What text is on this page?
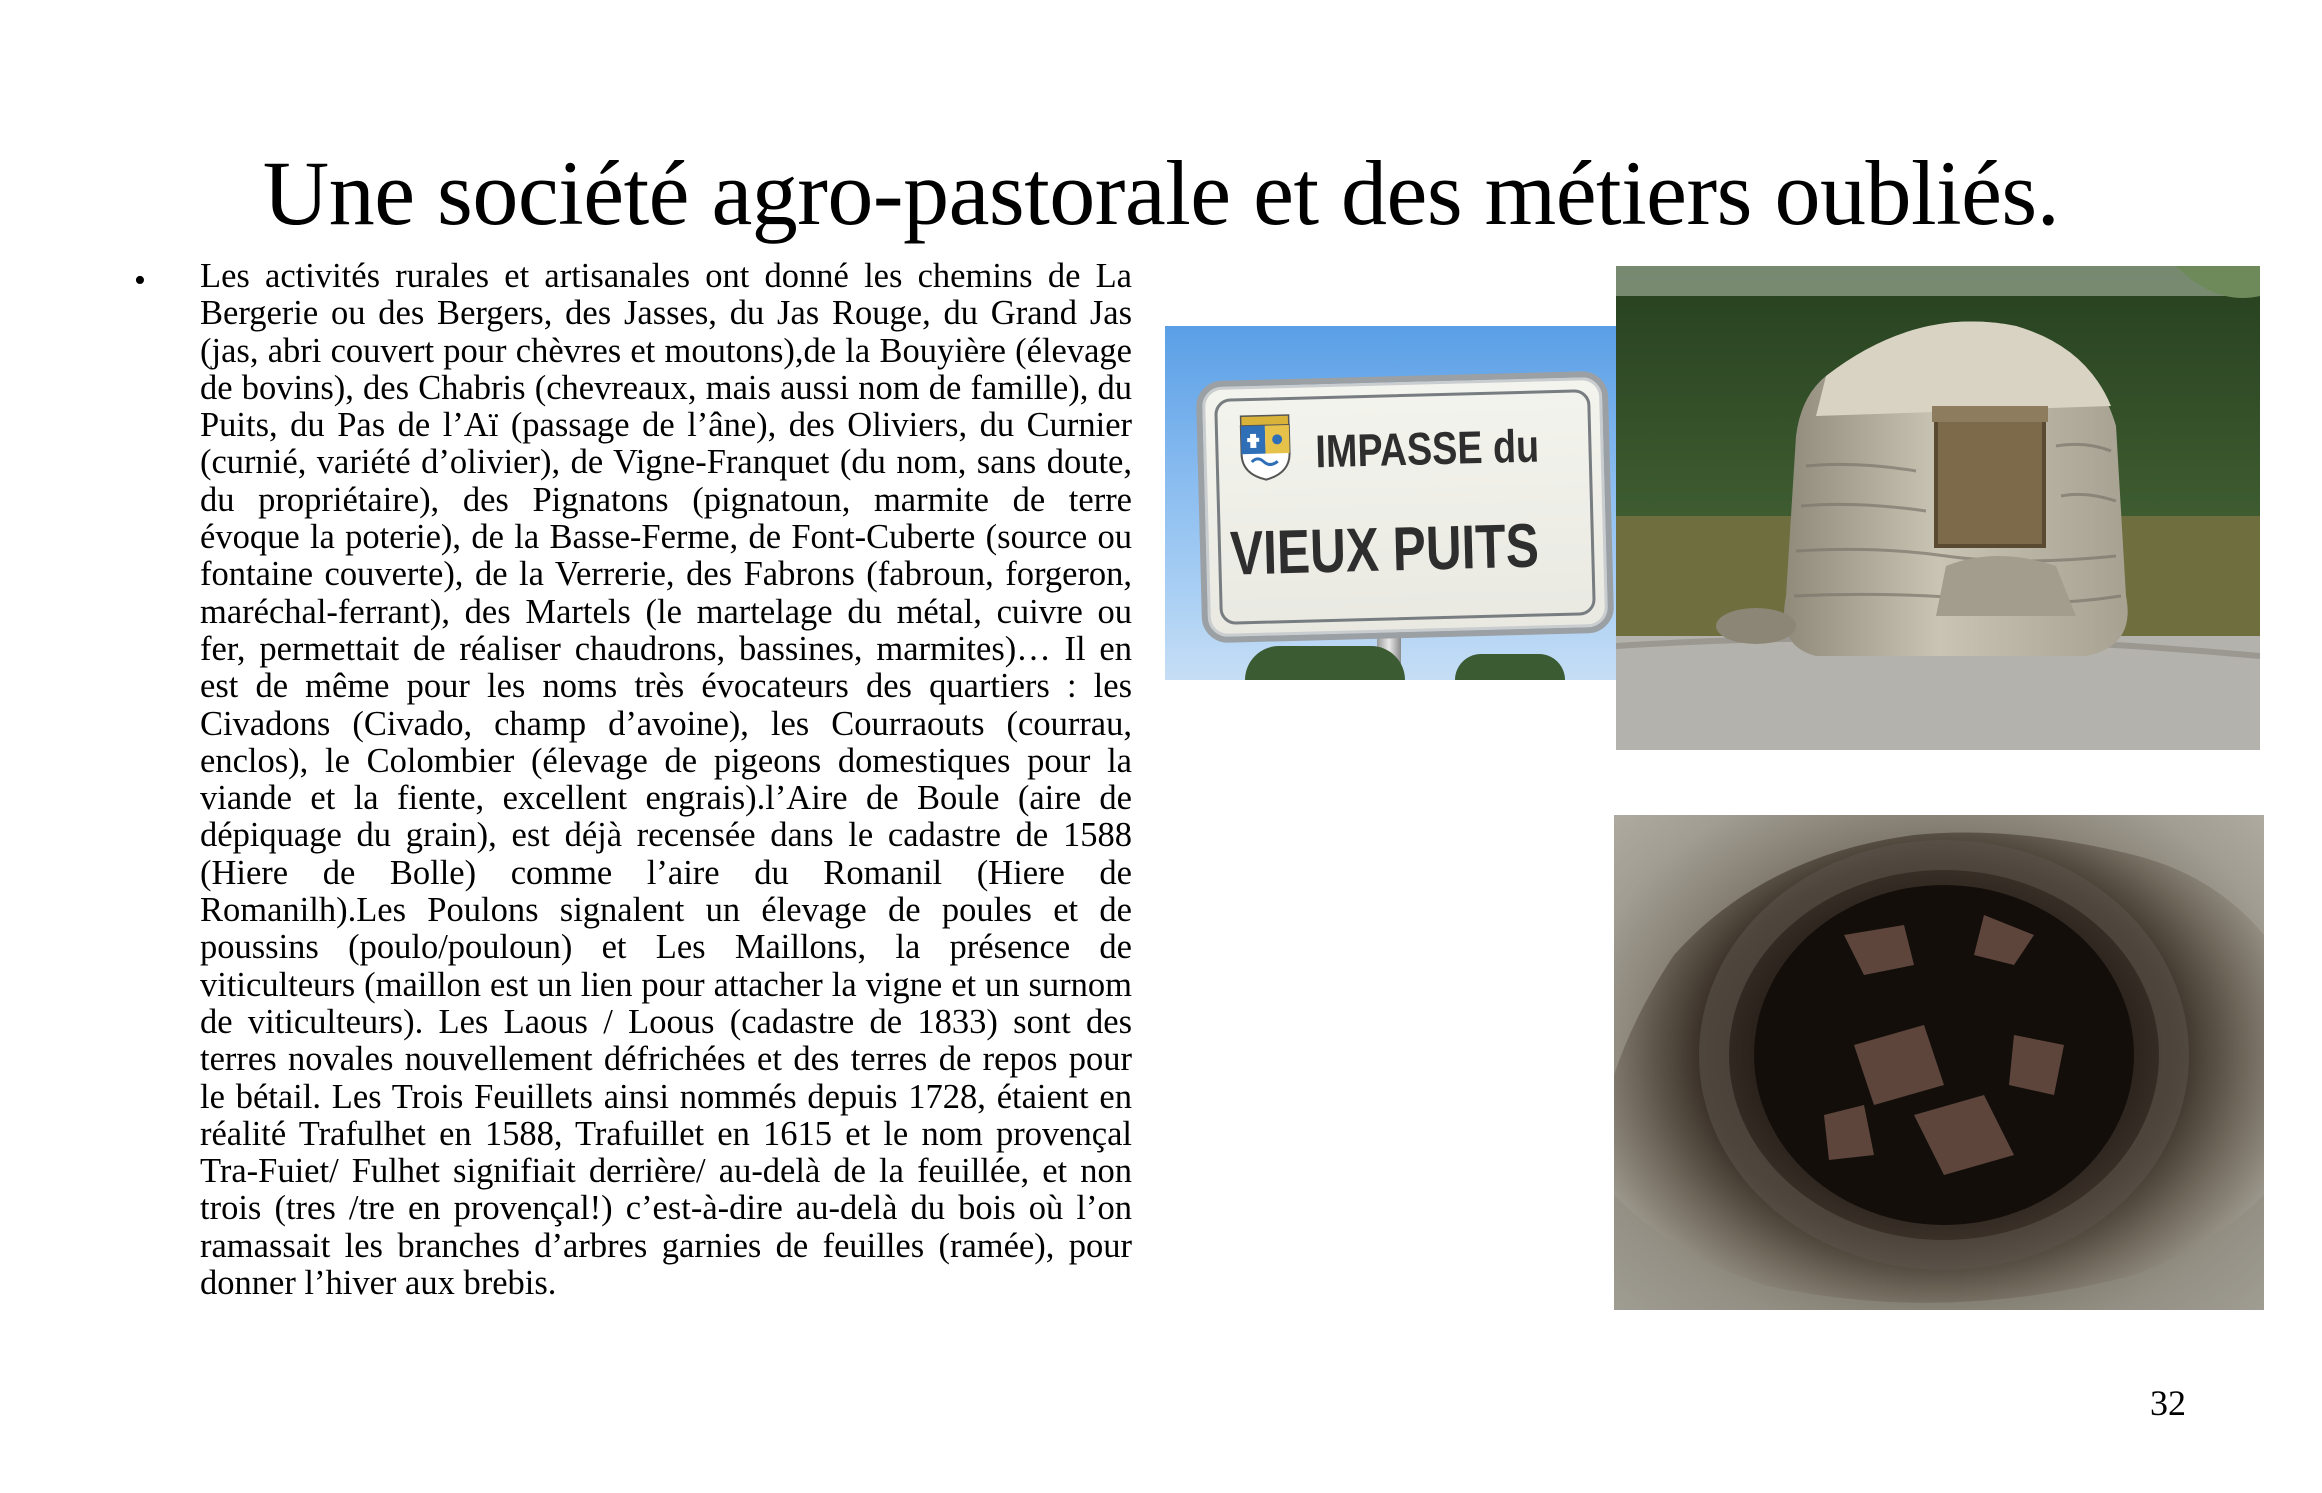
Une société agro-pastorale et des métiers oubliés.
• Les activités rurales et artisanales ont donné les chemins de La Bergerie ou des Bergers, des Jasses, du Jas Rouge, du Grand Jas (jas, abri couvert pour chèvres et moutons),de la Bouyière (élevage de bovins), des Chabris (chevreaux, mais aussi nom de famille), du Puits, du Pas de l’Aï (passage de l’âne), des Oliviers, du Curnier (curnié, variété d’olivier), de Vigne-Franquet (du nom, sans doute, du propriétaire), des Pignatons (pignatoun, marmite de terre évoque la poterie), de la Basse-Ferme, de Font-Cuberte (source ou fontaine couverte), de la Verrerie, des Fabrons (fabroun, forgeron, maréchal-ferrant), des Martels (le martelage du métal, cuivre ou fer, permettait de réaliser chaudrons, bassines, marmites)… Il en est de même pour les noms très évocateurs des quartiers : les Civadons (Civado, champ d’avoine), les Courraouts (courrau, enclos), le Colombier (élevage de pigeons domestiques pour la viande et la fiente, excellent engrais).l’Aire de Boule (aire de dépiquage du grain), est déjà recensée dans le cadastre de 1588 (Hiere de Bolle) comme l’aire du Romanil (Hiere de Romanilh).Les Poulons signalent un élevage de poules et de poussins (poulo/pouloun) et Les Maillons, la présence de viticulteurs (maillon est un lien pour attacher la vigne et un surnom de viticulteurs). Les Laous / Loous (cadastre de 1833) sont des terres novales nouvellement défrichées et des terres de repos pour le bétail. Les Trois Feuillets ainsi nommés depuis 1728, étaient en réalité Trafulhet en 1588, Trafuillet en 1615 et le nom provençal Tra-Fuiet/ Fulhet signifiait derrière/ au-delà de la feuillée, et non trois (tres /tre en provençal!) c’est-à-dire au-delà du bois où l’on ramassait les branches d’arbres garnies de feuilles (ramée), pour donner l’hiver aux brebis.

IMPASSE du
VIEUX PUITS
32
